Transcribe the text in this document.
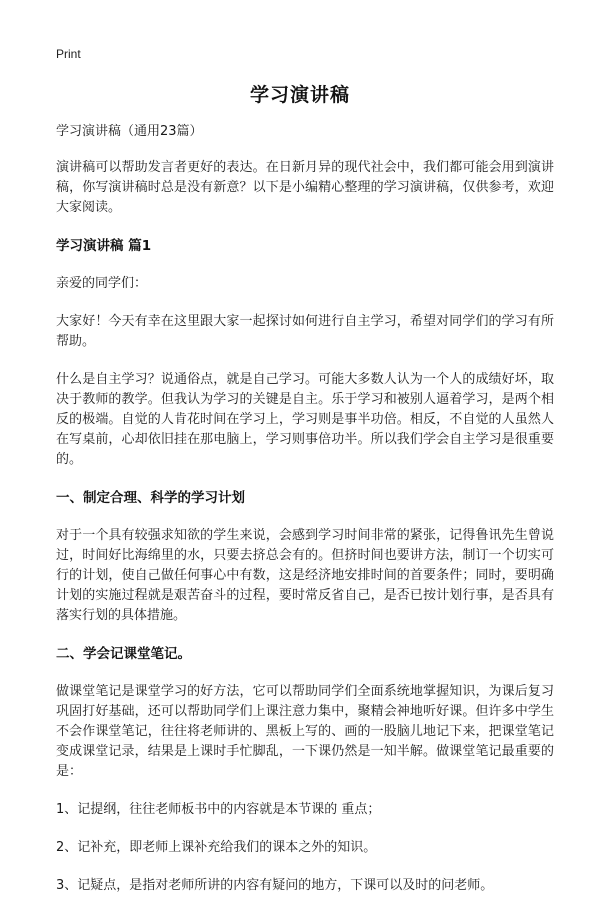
Print
学习演讲稿

学习演讲稿（通用23篇）

演讲稿可以帮助发言者更好的表达。在日新月异的现代社会中，我们都可能会用到演讲稿，你写演讲稿时总是没有新意？以下是小编精心整理的学习演讲稿，仅供参考，欢迎大家阅读。

学习演讲稿 篇1

亲爱的同学们：

大家好！今天有幸在这里跟大家一起探讨如何进行自主学习，希望对同学们的学习有所帮助。

什么是自主学习？说通俗点，就是自己学习。可能大多数人认为一个人的成绩好坏，取决于教师的教学。但我认为学习的关键是自主。乐于学习和被别人逼着学习，是两个相反的极端。自觉的人肯花时间在学习上，学习则是事半功倍。相反，不自觉的人虽然人在写桌前，心却依旧挂在那电脑上，学习则事倍功半。所以我们学会自主学习是很重要的。

一、制定合理、科学的学习计划

对于一个具有较强求知欲的学生来说，会感到学习时间非常的紧张，记得鲁讯先生曾说过，时间好比海绵里的水，只要去挤总会有的。但挤时间也要讲方法，制订一个切实可行的计划，使自己做任何事心中有数，这是经济地安排时间的首要条件；同时，要明确计划的实施过程就是艰苦奋斗的过程，要时常反省自己，是否已按计划行事，是否具有落实行划的具体措施。

二、学会记课堂笔记。

做课堂笔记是课堂学习的好方法，它可以帮助同学们全面系统地掌握知识，为课后复习巩固打好基础，还可以帮助同学们上课注意力集中，聚精会神地听好课。但许多中学生不会作课堂笔记，往往将老师讲的、黑板上写的、画的一股脑儿地记下来，把课堂笔记变成课堂记录，结果是上课时手忙脚乱，一下课仍然是一知半解。做课堂笔记最重要的是：

1、记提纲，往往老师板书中的内容就是本节课的 重点；

2、记补充，即老师上课补充给我们的课本之外的知识。

3、记疑点，是指对老师所讲的内容有疑问的地方，下课可以及时的问老师。
